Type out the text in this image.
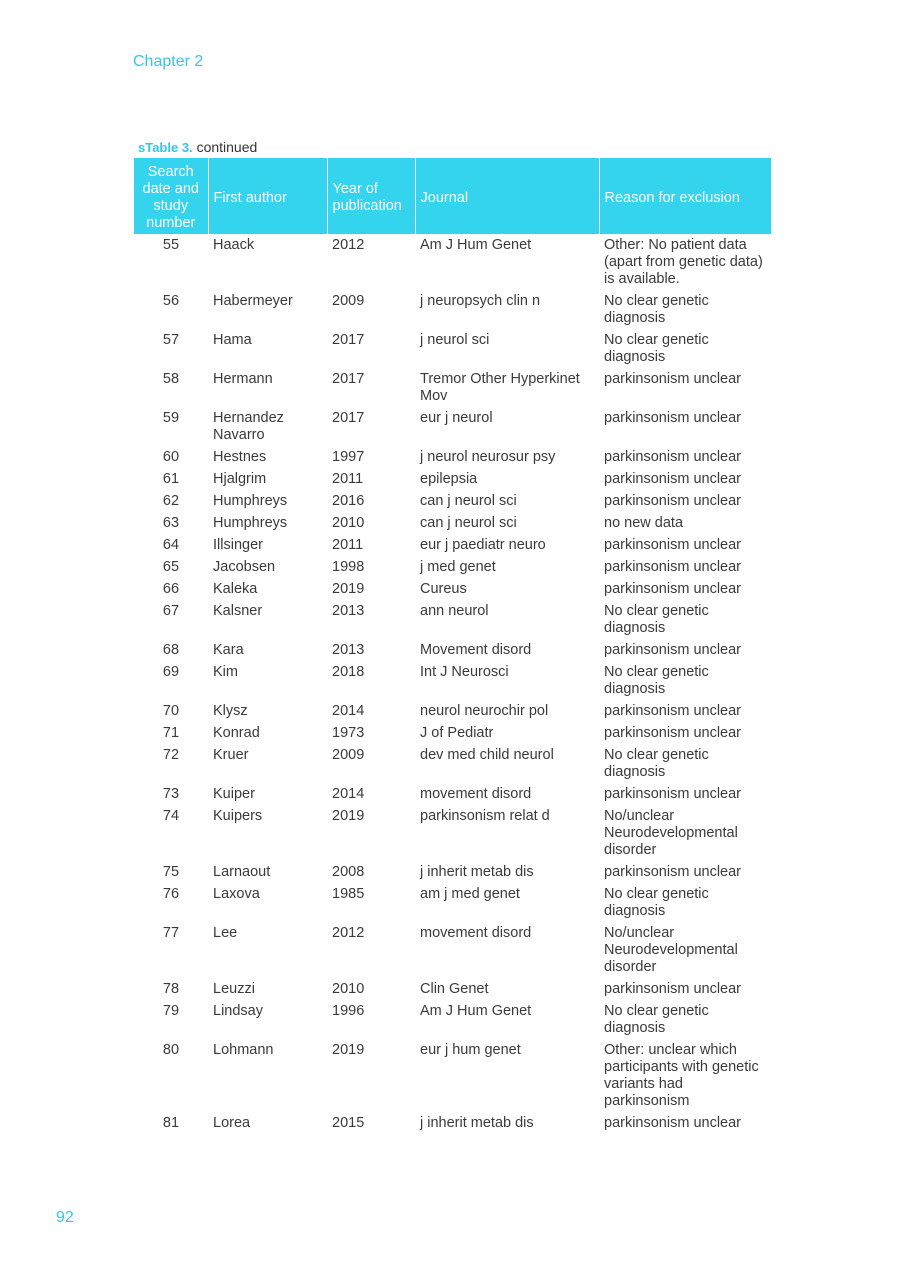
Chapter 2
sTable 3. continued
Search date and study number	First author	Year of publication	Journal	Reason for exclusion
55	Haack	2012	Am J Hum Genet	Other: No patient data (apart from genetic data) is available.
56	Habermeyer	2009	j neuropsych clin n	No clear genetic diagnosis
57	Hama	2017	j neurol sci	No clear genetic diagnosis
58	Hermann	2017	Tremor Other Hyperkinet Mov	parkinsonism unclear
59	Hernandez Navarro	2017	eur j neurol	parkinsonism unclear
60	Hestnes	1997	j neurol neurosur psy	parkinsonism unclear
61	Hjalgrim	2011	epilepsia	parkinsonism unclear
62	Humphreys	2016	can j neurol sci	parkinsonism unclear
63	Humphreys	2010	can j neurol sci	no new data
64	Illsinger	2011	eur j paediatr neuro	parkinsonism unclear
65	Jacobsen	1998	j med genet	parkinsonism unclear
66	Kaleka	2019	Cureus	parkinsonism unclear
67	Kalsner	2013	ann neurol	No clear genetic diagnosis
68	Kara	2013	Movement disord	parkinsonism unclear
69	Kim	2018	Int J Neurosci	No clear genetic diagnosis
70	Klysz	2014	neurol neurochir pol	parkinsonism unclear
71	Konrad	1973	J of Pediatr	parkinsonism unclear
72	Kruer	2009	dev med child neurol	No clear genetic diagnosis
73	Kuiper	2014	movement disord	parkinsonism unclear
74	Kuipers	2019	parkinsonism relat d	No/unclear Neurodevelopmental disorder
75	Larnaout	2008	j inherit metab dis	parkinsonism unclear
76	Laxova	1985	am j med genet	No clear genetic diagnosis
77	Lee	2012	movement disord	No/unclear Neurodevelopmental disorder
78	Leuzzi	2010	Clin Genet	parkinsonism unclear
79	Lindsay	1996	Am J Hum Genet	No clear genetic diagnosis
80	Lohmann	2019	eur j hum genet	Other: unclear which participants with genetic variants had parkinsonism
81	Lorea	2015	j inherit metab dis	parkinsonism unclear
92
